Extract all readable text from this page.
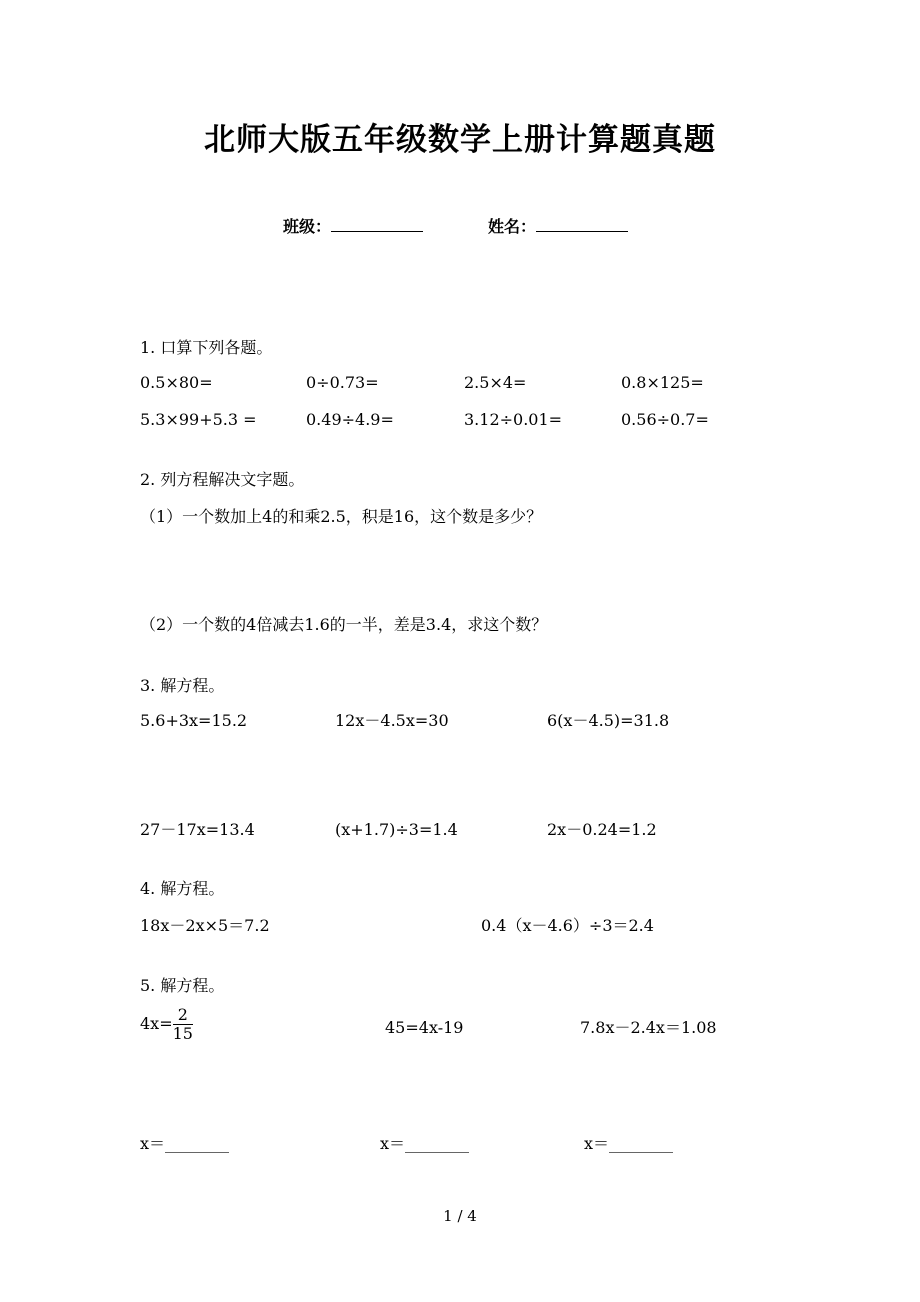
北师大版五年级数学上册计算题真题
班级：	姓名：
1. 口算下列各题。
0.5×80=	0÷0.73=	2.5×4=	0.8×125=
5.3×99+5.3 =	0.49÷4.9=	3.12÷0.01=	0.56÷0.7=
2. 列方程解决文字题。
（1）一个数加上4的和乘2.5，积是16，这个数是多少？
（2）一个数的4倍减去1.6的一半，差是3.4，求这个数？
3. 解方程。
5.6+3x=15.2	12x－4.5x=30	6(x－4.5)=31.8
27－17x=13.4	(x+1.7)÷3=1.4	2x－0.24=1.2
4. 解方程。
18x－2x×5＝7.2	0.4（x－4.6）÷3＝2.4
5. 解方程。
$4x= \frac{2}{15}$	45=4x-19	7.8x－2.4x＝1.08
x＝________	x＝________	x＝________
1 / 4
